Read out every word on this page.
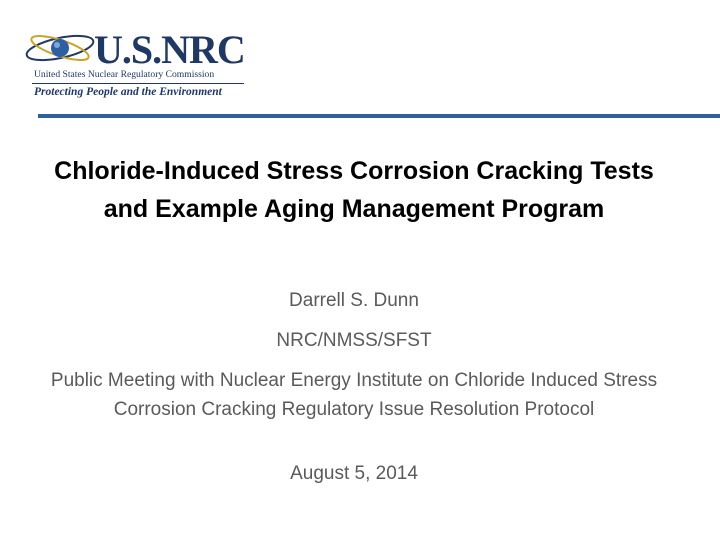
U.S.NRC
United States Nuclear Regulatory Commission
Protecting People and the Environment
Chloride-Induced Stress Corrosion Cracking Tests and Example Aging Management Program

Darrell S. Dunn

NRC/NMSS/SFST

Public Meeting with Nuclear Energy Institute on Chloride Induced Stress Corrosion Cracking Regulatory Issue Resolution Protocol

August 5, 2014
